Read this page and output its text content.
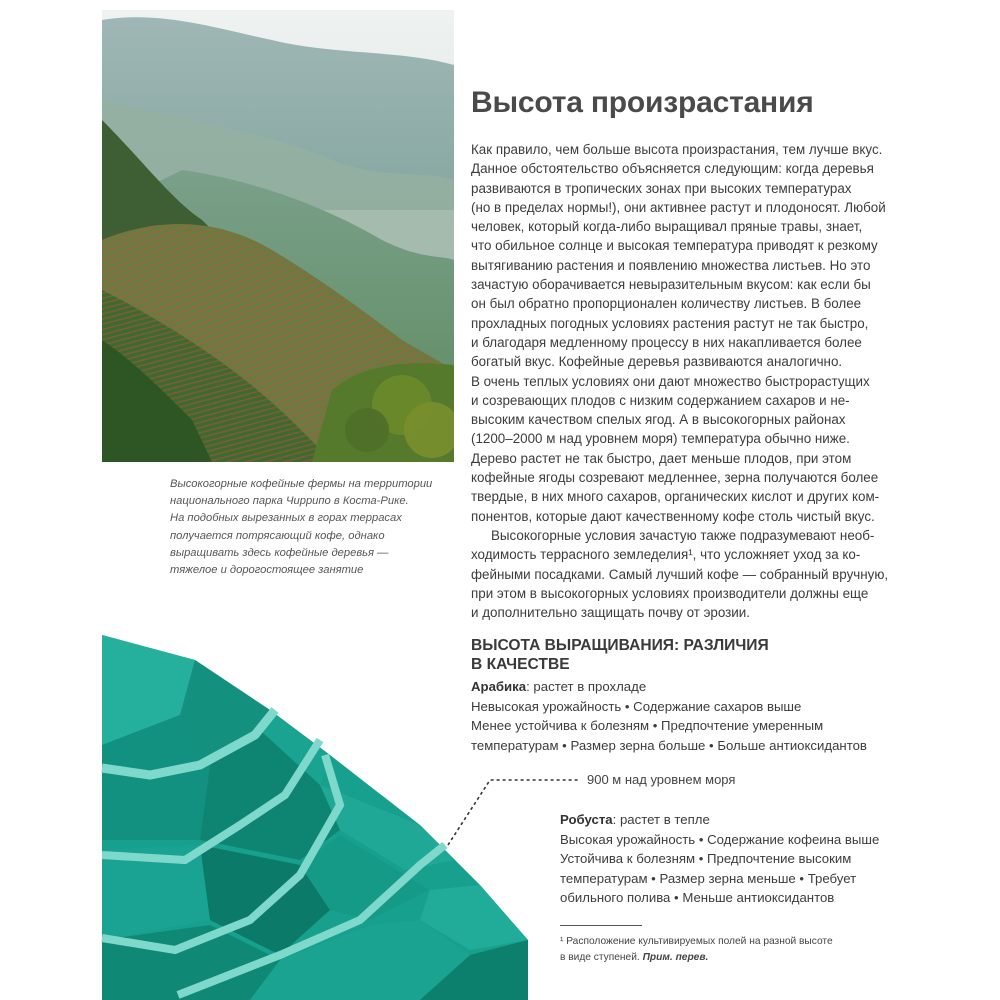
Высокогорные кофейные фермы на территории
национального парка Чиррипо в Коста-Рике.
На подобных вырезанных в горах террасах
получается потрясающий кофе, однако
выращивать здесь кофейные деревья —
тяжелое и дорогостоящее занятие
Высота произрастания
Как правило, чем больше высота произрастания, тем лучше вкус.
Данное обстоятельство объясняется следующим: когда деревья
развиваются в тропических зонах при высоких температурах
(но в пределах нормы!), они активнее растут и плодоносят. Любой
человек, который когда-либо выращивал пряные травы, знает,
что обильное солнце и высокая температура приводят к резкому
вытягиванию растения и появлению множества листьев. Но это
зачастую оборачивается невыразительным вкусом: как если бы
он был обратно пропорционален количеству листьев. В более
прохладных погодных условиях растения растут не так быстро,
и благодаря медленному процессу в них накапливается более
богатый вкус. Кофейные деревья развиваются аналогично.
В очень теплых условиях они дают множество быстрорастущих
и созревающих плодов с низким содержанием сахаров и не-
высоким качеством спелых ягод. А в высокогорных районах
(1200–2000 м над уровнем моря) температура обычно ниже.
Дерево растет не так быстро, дает меньше плодов, при этом
кофейные ягоды созревают медленнее, зерна получаются более
твердые, в них много сахаров, органических кислот и других ком-
понентов, которые дают качественному кофе столь чистый вкус.
Высокогорные условия зачастую также подразумевают необ-
ходимость террасного земледелия¹, что усложняет уход за ко-
фейными посадками. Самый лучший кофе — собранный вручную,
при этом в высокогорных условиях производители должны еще
и дополнительно защищать почву от эрозии.
ВЫСОТА ВЫРАЩИВАНИЯ: РАЗЛИЧИЯ
В КАЧЕСТВЕ
Арабика: растет в прохладе
Невысокая урожайность • Содержание сахаров выше
Менее устойчива к болезням • Предпочтение умеренным
температурам • Размер зерна больше • Больше антиоксидантов
900 м над уровнем моря
Робуста: растет в тепле
Высокая урожайность • Содержание кофеина выше
Устойчива к болезням • Предпочтение высоким
температурам • Размер зерна меньше • Требует
обильного полива • Меньше антиоксидантов
¹ Расположение культивируемых полей на разной высоте
в виде ступеней. Прим. перев.
